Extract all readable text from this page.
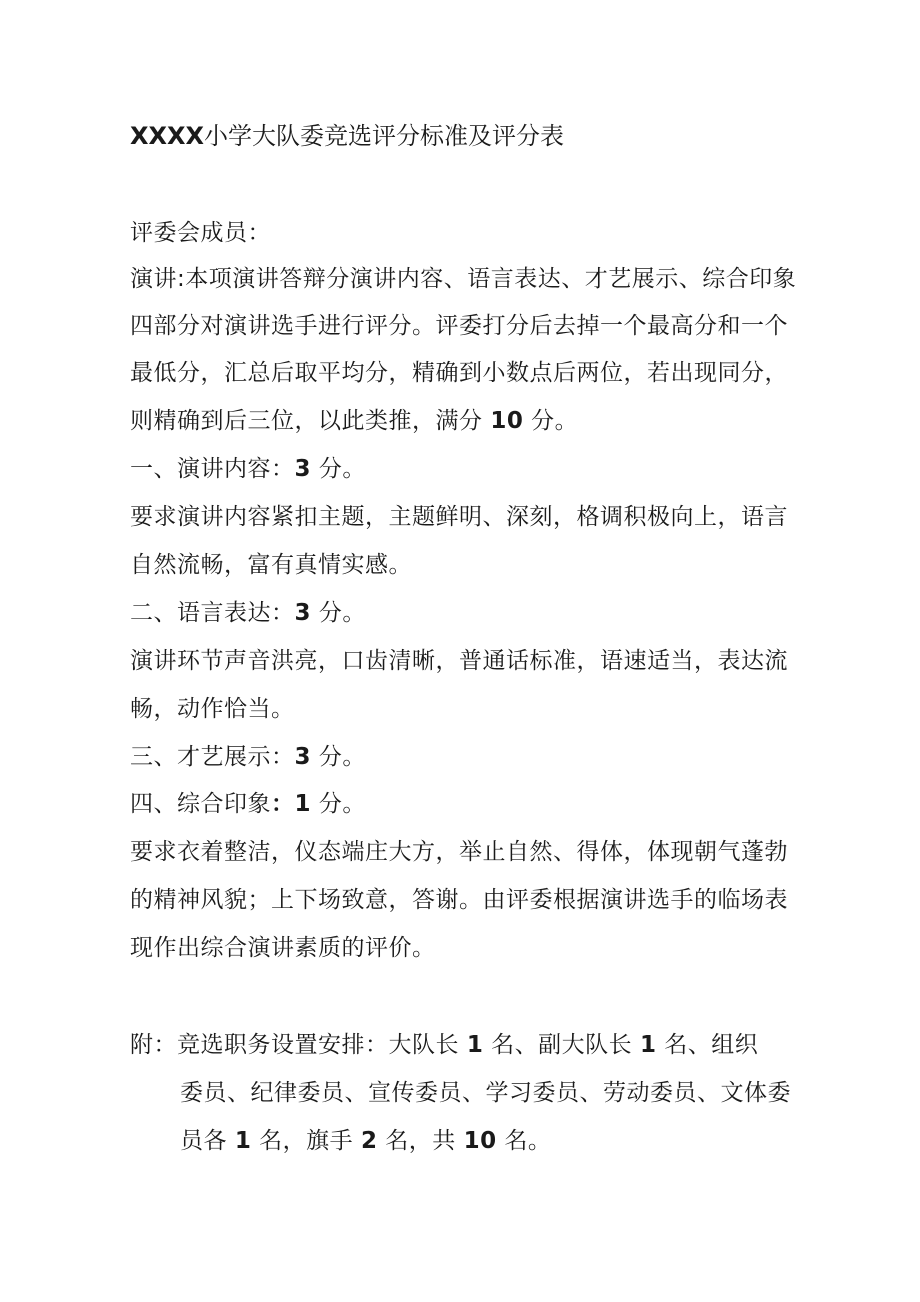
XXXX小学大队委竞选评分标准及评分表
评委会成员：
演讲:本项演讲答辩分演讲内容、语言表达、才艺展示、综合印象
四部分对演讲选手进行评分。评委打分后去掉一个最高分和一个
最低分，汇总后取平均分，精确到小数点后两位，若出现同分，
则精确到后三位，以此类推，满分 10 分。
一、演讲内容：3 分。
要求演讲内容紧扣主题，主题鲜明、深刻，格调积极向上，语言
自然流畅，富有真情实感。
二、语言表达：3 分。
演讲环节声音洪亮，口齿清晰，普通话标准，语速适当，表达流
畅，动作恰当。
三、才艺展示：3 分。
四、综合印象：1 分。
要求衣着整洁，仪态端庄大方，举止自然、得体，体现朝气蓬勃
的精神风貌；上下场致意，答谢。由评委根据演讲选手的临场表
现作出综合演讲素质的评价。
附：竞选职务设置安排：大队长 1 名、副大队长 1 名、组织
委员、纪律委员、宣传委员、学习委员、劳动委员、文体委
员各 1 名，旗手 2 名，共 10 名。
